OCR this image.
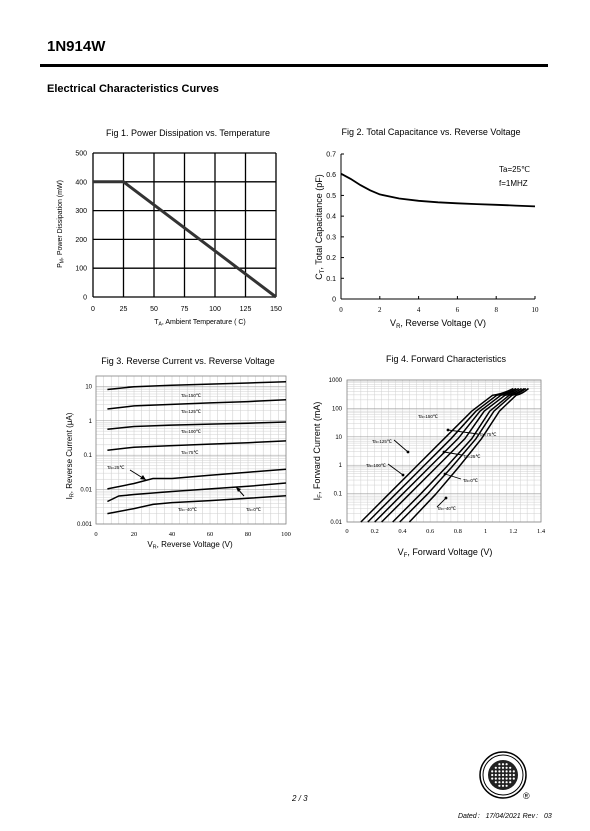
1N914W
Electrical Characteristics Curves
Fig 1. Power Dissipation vs. Temperature
0	25	50	75	100	125	150
0
100
200
300
400
500
$T_A$, Ambient Temperature ( C)
$P_M$, Power Dissipation (mW)
Fig 2. Total Capacitance vs. Reverse Voltage
0	2	4	6	8	10
0
0.1
0.2
0.3
0.4
0.5
0.6
0.7
Ta=25℃
f=1MHZ
$V_R$, Reverse Voltage (V)
$C_T$, Total Capacitance (pF)
Fig 3. Reverse Current vs. Reverse Voltage
0	20	40	60	80	100
0.001
0.01
0.1
1
10
Ta=150℃
Ta=125℃
Ta=100℃
Ta=75℃
Ta=25℃
Ta=0℃
Ta=-40℃
VR, Reverse Voltage (V)
IR, Reverse Current (μA)
Fig 4. Forward Characteristics
0	0.2	0.4	0.6	0.8	1	1.2	1.4
0.01
0.1
1
10
100
1000
Ta=150℃
Ta=125℃
Ta=100℃
Ta=75℃
Ta=25℃
Ta=0℃
Ta=-40℃
$V_F$, Forward Voltage (V)
$I_F$, Forward Current (mA)
®
2 / 3
Dated： 17/04/2021 Rev： 03
